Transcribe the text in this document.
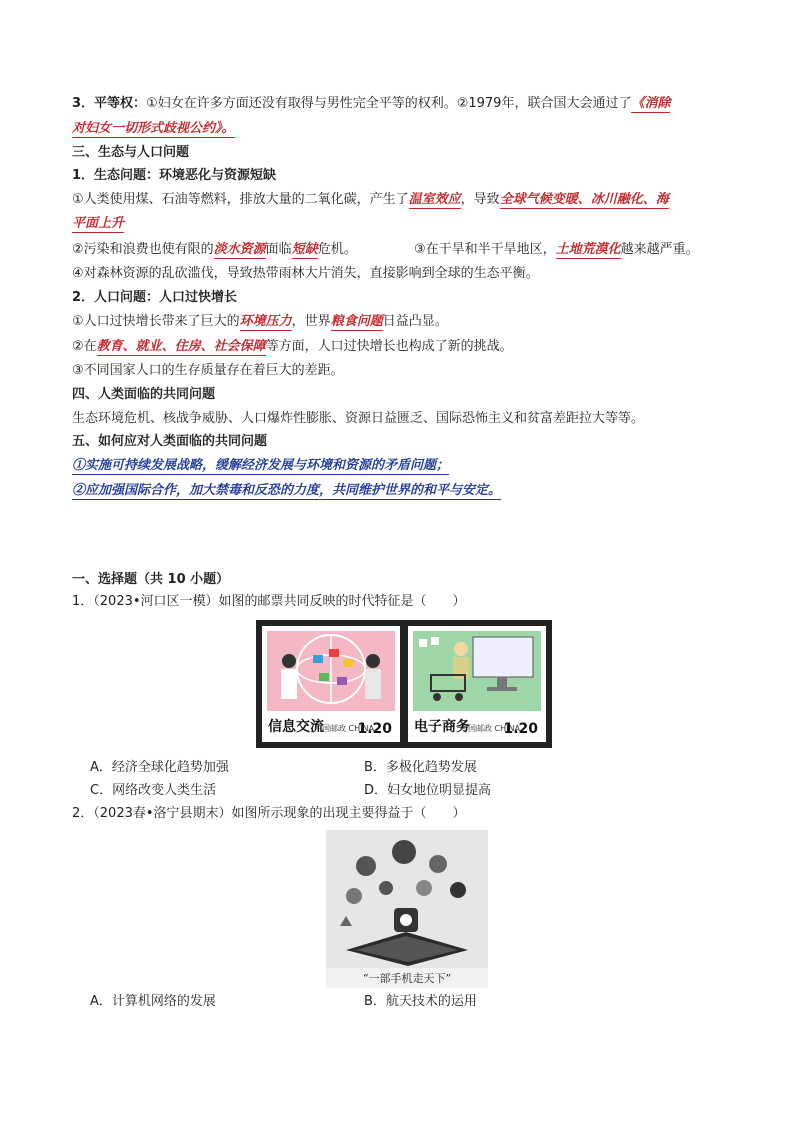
3．平等权：①妇女在许多方面还没有取得与男性完全平等的权利。②1979年，联合国大会通过了《消除
对妇女一切形式歧视公约》。
三、生态与人口问题
1．生态问题：环境恶化与资源短缺
①人类使用煤、石油等燃料，排放大量的二氧化碳，产生了温室效应，导致全球气候变暖、冰川融化、海
平面上升
②污染和浪费也使有限的淡水资源面临短缺危机。	③在干旱和半干旱地区，土地荒漠化越来越严重。
④对森林资源的乱砍滥伐，导致热带雨林大片消失，直接影响到全球的生态平衡。
2．人口问题：人口过快增长
①人口过快增长带来了巨大的环境压力，世界粮食问题日益凸显。
②在教育、就业、住房、社会保障等方面，人口过快增长也构成了新的挑战。
③不同国家人口的生存质量存在着巨大的差距。
四、人类面临的共同问题
生态环境危机、核战争威胁、人口爆炸性膨胀、资源日益匮乏、国际恐怖主义和贫富差距拉大等等。
五、如何应对人类面临的共同问题
①实施可持续发展战略，缓解经济发展与环境和资源的矛盾问题；
②应加强国际合作，加大禁毒和反恐的力度，共同维护世界的和平与安定。
一、选择题（共 10 小题）
1．（2023•河口区一模）如图的邮票共同反映的时代特征是（　　）
信息交流
中国邮政 CHINA
1.20 电子商务
中国邮政 CHINA
1.20
A．经济全球化趋势加强	B．多极化趋势发展
C．网络改变人类生活	D．妇女地位明显提高
2．（2023春•洛宁县期末）如图所示现象的出现主要得益于（　　）
“一部手机走天下”
A．计算机网络的发展	B．航天技术的运用
